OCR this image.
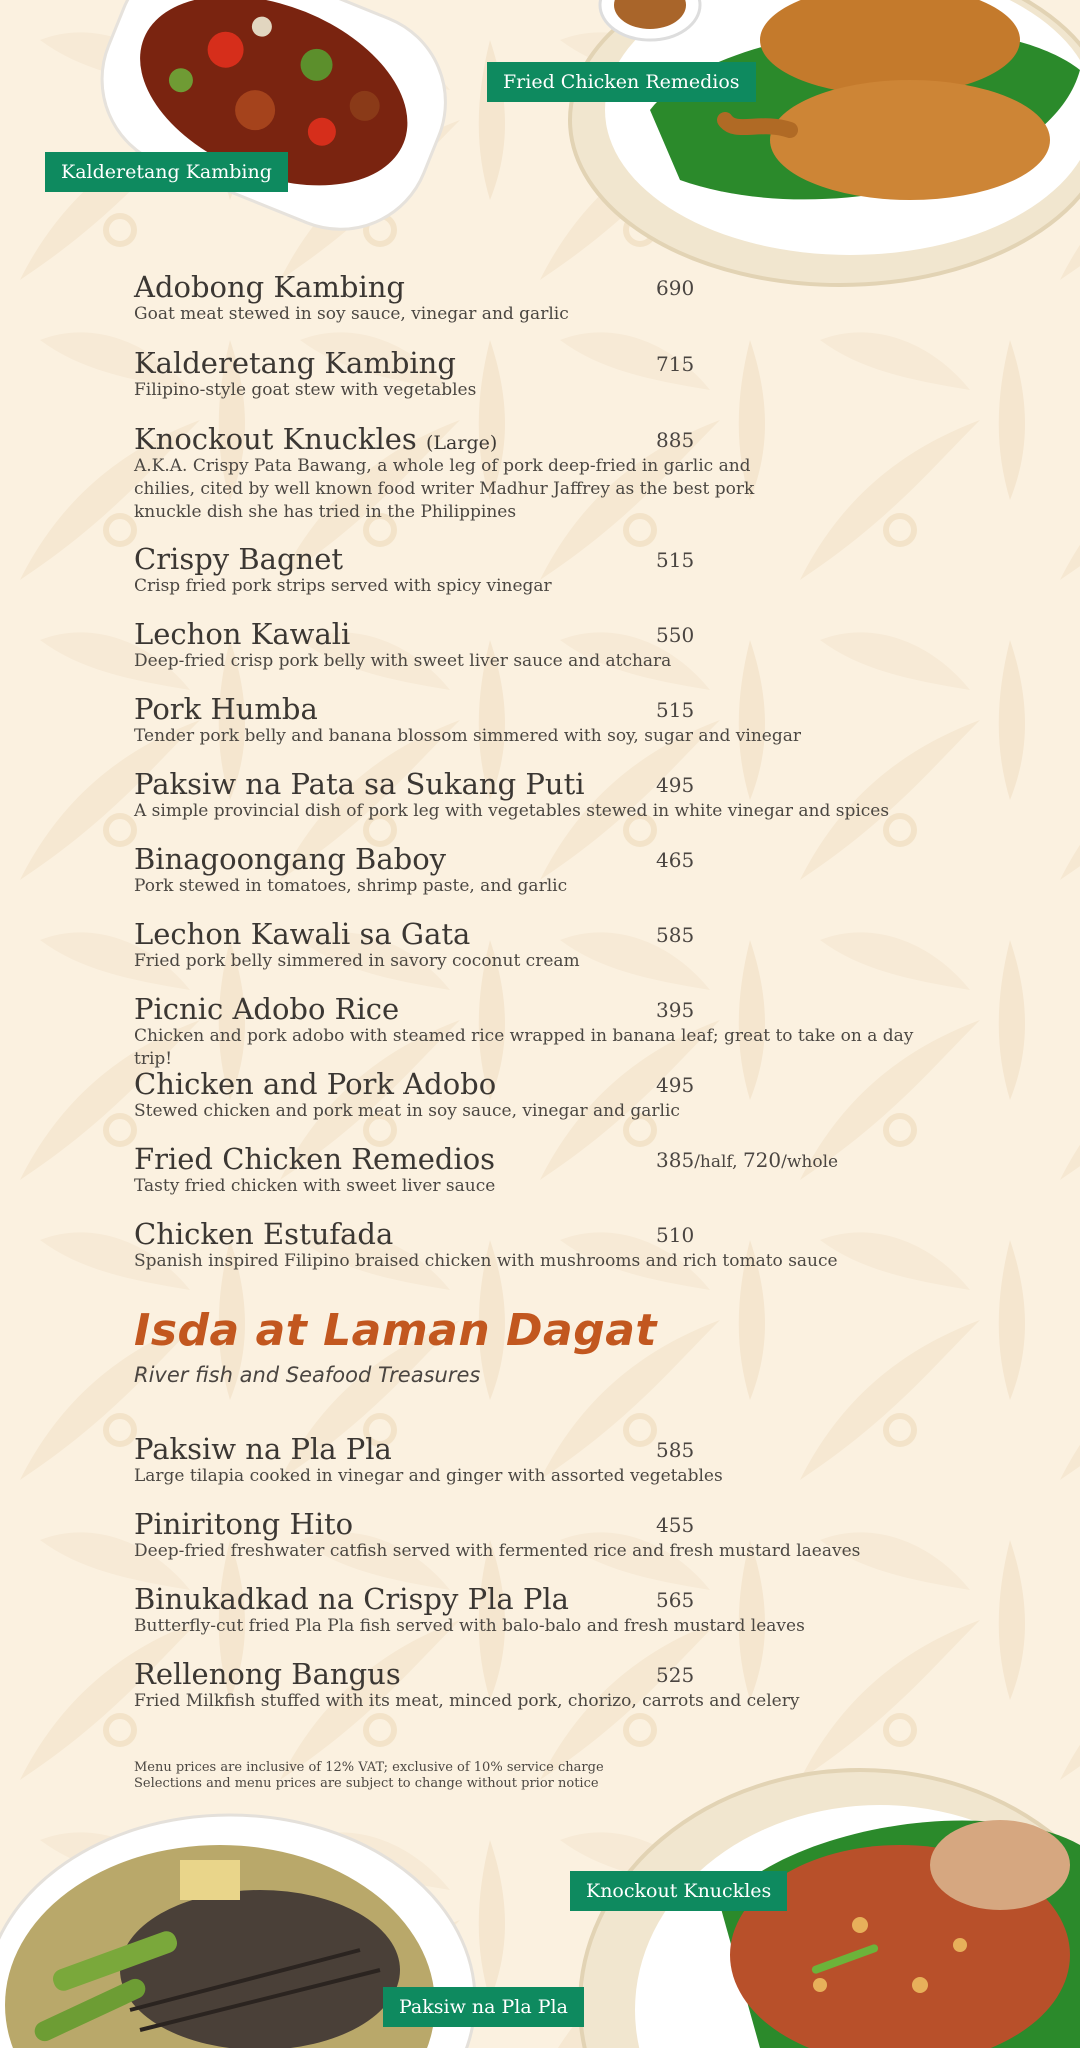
Kalderetang Kambing
Fried Chicken Remedios
Adobong Kambing	690
Goat meat stewed in soy sauce, vinegar and garlic
Kalderetang Kambing	715
Filipino-style goat stew with vegetables
Knockout Knuckles (Large)	885
A.K.A. Crispy Pata Bawang, a whole leg of pork deep-fried in garlic and chilies, cited by well known food writer Madhur Jaffrey as the best pork knuckle dish she has tried in the Philippines
Crispy Bagnet	515
Crisp fried pork strips served with spicy vinegar
Lechon Kawali	550
Deep-fried crisp pork belly with sweet liver sauce and atchara
Pork Humba	515
Tender pork belly and banana blossom simmered with soy, sugar and vinegar
Paksiw na Pata sa Sukang Puti	495
A simple provincial dish of pork leg with vegetables stewed in white vinegar and spices
Binagoongang Baboy	465
Pork stewed in tomatoes, shrimp paste, and garlic
Lechon Kawali sa Gata	585
Fried pork belly simmered in savory coconut cream
Picnic Adobo Rice	395
Chicken and pork adobo with steamed rice wrapped in banana leaf; great to take on a day trip!
Chicken and Pork Adobo	495
Stewed chicken and pork meat in soy sauce, vinegar and garlic
Fried Chicken Remedios	385/half, 720/whole
Tasty fried chicken with sweet liver sauce
Chicken Estufada	510
Spanish inspired Filipino braised chicken with mushrooms and rich tomato sauce
Isda at Laman Dagat
River fish and Seafood Treasures
Paksiw na Pla Pla	585
Large tilapia cooked in vinegar and ginger with assorted vegetables
Piniritong Hito	455
Deep-fried freshwater catfish served with fermented rice and fresh mustard laeaves
Binukadkad na Crispy Pla Pla	565
Butterfly-cut fried Pla Pla fish served with balo-balo and fresh mustard leaves
Rellenong Bangus	525
Fried Milkfish stuffed with its meat, minced pork, chorizo, carrots and celery
Menu prices are inclusive of 12% VAT; exclusive of 10% service charge
Selections and menu prices are subject to change without prior notice
Paksiw na Pla Pla
Knockout Knuckles
